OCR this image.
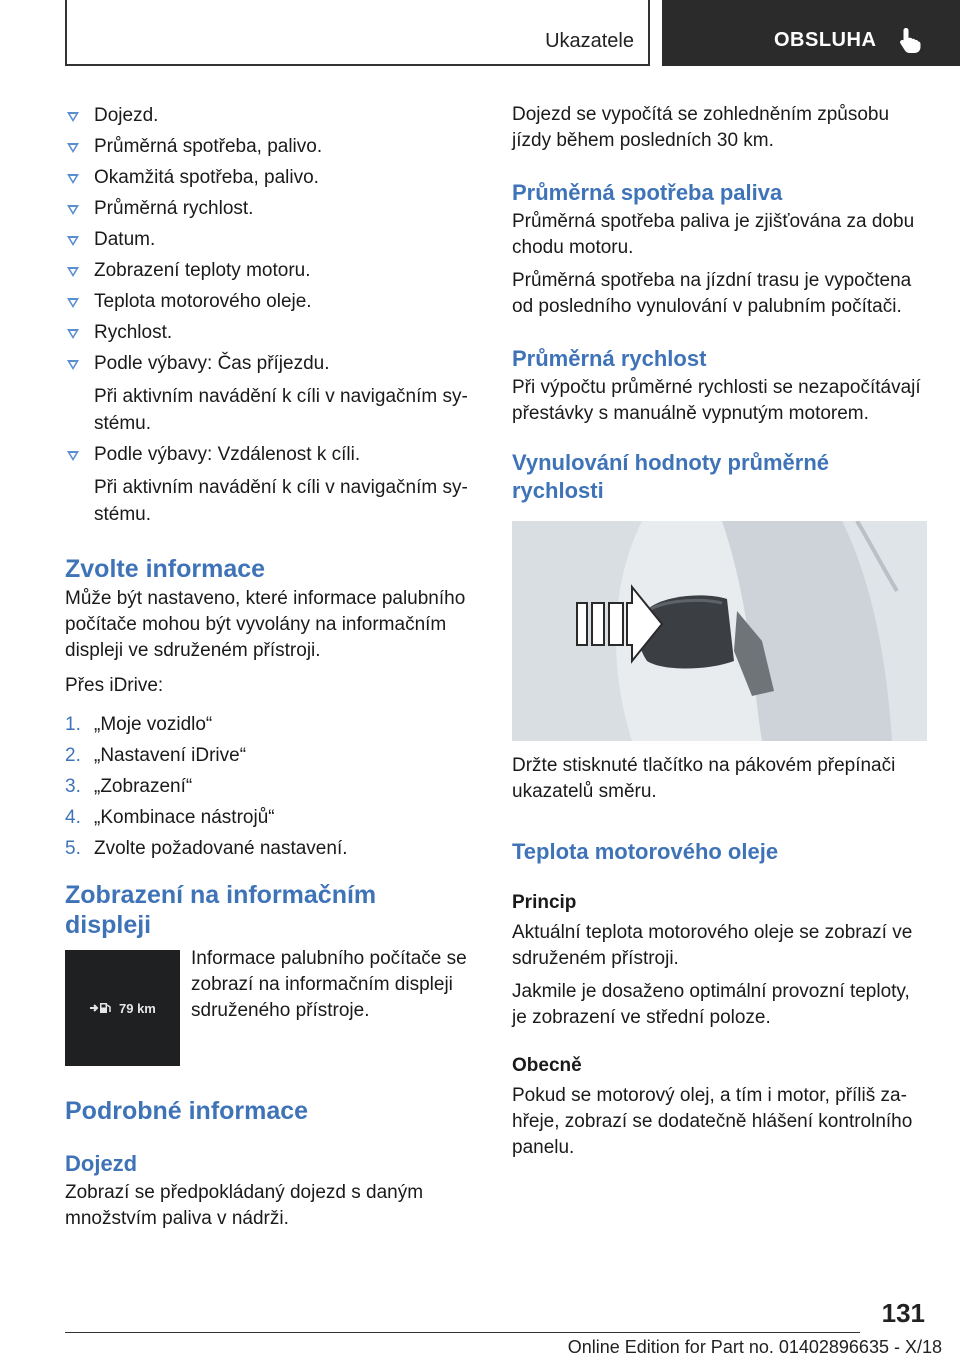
Ukazatele	OBSLUHA
Dojezd.
Průměrná spotřeba, palivo.
Okamžitá spotřeba, palivo.
Průměrná rychlost.
Datum.
Zobrazení teploty motoru.
Teplota motorového oleje.
Rychlost.
Podle výbavy: Čas příjezdu.
Při aktivním navádění k cíli v navigačním systému.
Podle výbavy: Vzdálenost k cíli.
Při aktivním navádění k cíli v navigačním systému.
Zvolte informace
Může být nastaveno, které informace palubního počítače mohou být vyvolány na informačním displeji ve sdruženém přístroji.
Přes iDrive:
1. „Moje vozidlo“
2. „Nastavení iDrive“
3. „Zobrazení“
4. „Kombinace nástrojů“
5. Zvolte požadované nastavení.
Zobrazení na informačním displeji
79 km
Informace palubního počítače se zobrazí na informačním displeji sdruženého přístroje.
Podrobné informace
Dojezd
Zobrazí se předpokládaný dojezd s daným množstvím paliva v nádrži.
Dojezd se vypočítá se zohledněním způsobu jízdy během posledních 30 km.
Průměrná spotřeba paliva
Průměrná spotřeba paliva je zjišťována za dobu chodu motoru.
Průměrná spotřeba na jízdní trasu je vypočtena od posledního vynulování v palubním počítači.
Průměrná rychlost
Při výpočtu průměrné rychlosti se nezapočítávají přestávky s manuálně vypnutým motorem.
Vynulování hodnoty průměrné rychlosti
Držte stisknuté tlačítko na pákovém přepínači ukazatelů směru.
Teplota motorového oleje
Princip
Aktuální teplota motorového oleje se zobrazí ve sdruženém přístroji.
Jakmile je dosaženo optimální provozní teploty, je zobrazení ve střední poloze.
Obecně
Pokud se motorový olej, a tím i motor, příliš zahřeje, zobrazí se dodatečně hlášení kontrolního panelu.
131
Online Edition for Part no. 01402896635 - X/18
